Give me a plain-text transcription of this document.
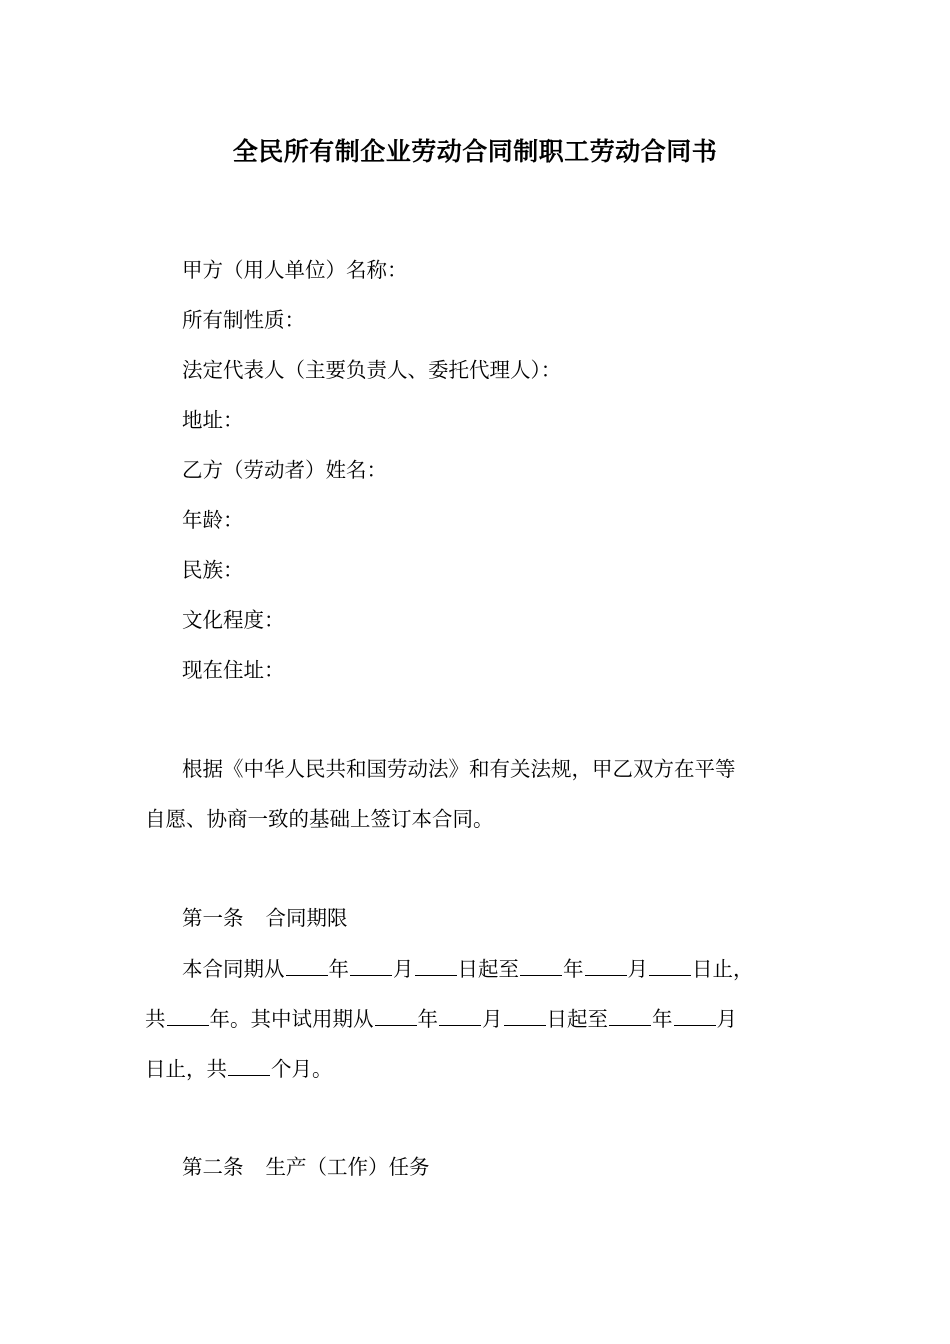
全民所有制企业劳动合同制职工劳动合同书
甲方（用人单位）名称：
所有制性质：
法定代表人（主要负责人、委托代理人）：
地址：
乙方（劳动者）姓名：
年龄：
民族：
文化程度：
现在住址：
根据《中华人民共和国劳动法》和有关法规，甲乙双方在平等
自愿、协商一致的基础上签订本合同。
第一条 合同期限
本合同期从 年 月 日起至 年 月 日止，
共 年。其中试用期从 年 月 日起至 年 月
日止，共 个月。
第二条 生产（工作）任务
